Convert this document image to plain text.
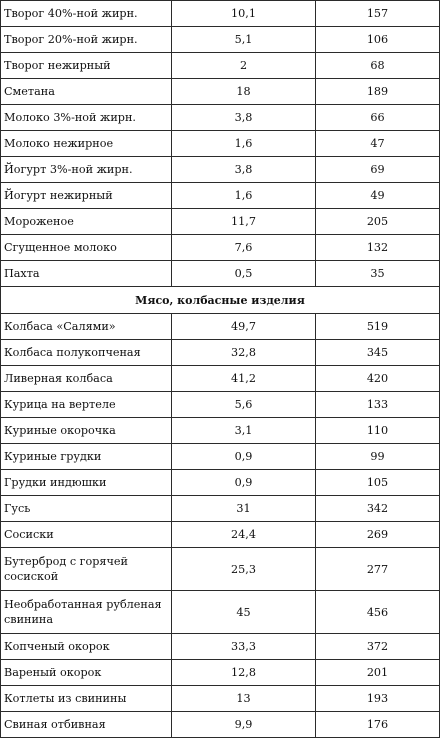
Творог 40%-ной жирн.	10,1	157
Творог 20%-ной жирн.	5,1	106
Творог нежирный	2	68
Сметана	18	189
Молоко 3%-ной жирн.	3,8	66
Молоко нежирное	1,6	47
Йогурт 3%-ной жирн.	3,8	69
Йогурт нежирный	1,6	49
Мороженое	11,7	205
Сгущенное молоко	7,6	132
Пахта	0,5	35
Мясо, колбасные изделия		
Колбаса «Салями»	49,7	519
Колбаса полукопченая	32,8	345
Ливерная колбаса	41,2	420
Курица на вертеле	5,6	133
Куриные окорочка	3,1	110
Куриные грудки	0,9	99
Грудки индюшки	0,9	105
Гусь	31	342
Сосиски	24,4	269
Бутерброд с горячей сосиской	25,3	277
Необработанная рубленая свинина	45	456
Копченый окорок	33,3	372
Вареный окорок	12,8	201
Котлеты из свинины	13	193
Свиная отбивная	9,9	176
